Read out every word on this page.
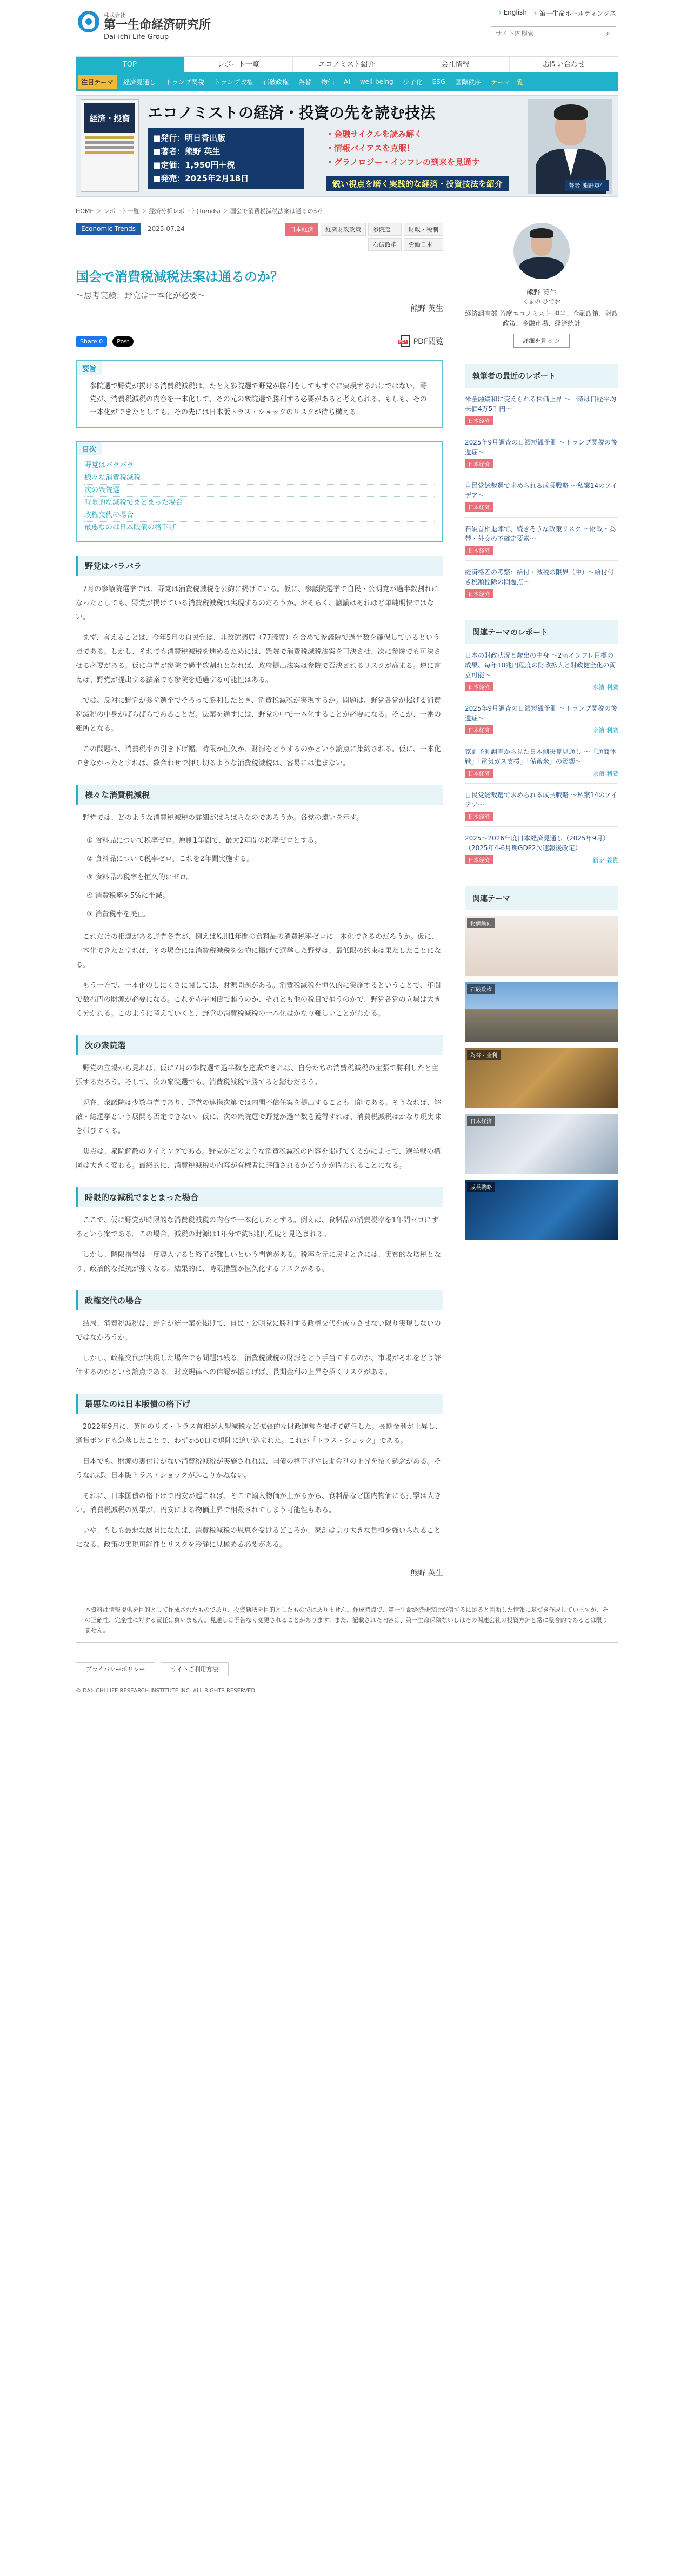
株式会社
第一生命経済研究所
Dai-ichi Life Group
› English	› 第一生命ホールディングス
サイト内検索
⌕
TOP	レポート一覧	エコノミスト紹介	会社情報	お問い合わせ
注目テーマ	経済見通し	トランプ関税	トランプ政権	石破政権	為替	物価	AI	well-being	少子化	ESG	国際秩序	テーマ一覧
経済・投資	エコノミストの経済・投資の先を読む技法
■発行：明日香出版
■著者：熊野 英生
■定価：1,950円＋税
■発売：2025年2月18日
・金融サイクルを読み解く
・情報バイアスを克服！
・グラノロジー・インフレの到来を見通す
鋭い視点を磨く実践的な経済・投資技法を紹介	著者 熊野英生
HOME ＞ レポート一覧 ＞ 経済分析レポート(Trends) ＞ 国会で消費税減税法案は通るのか？
Economic Trends	2025.07.24	日本経済	経済財政政策	参院選	財政・税制
石破政権	労働日本
国会で消費税減税法案は通るのか？
～思考実験：野党は一本化が必要～
熊野 英生
Share 0	Post PDF	PDF閲覧
要旨
参院選で野党が掲げる消費税減税は、たとえ参院選で野党が勝利をしてもすぐに実現するわけではない。野党が、消費税減税の内容を一本化して、その元の衆院選で勝利する必要があると考えられる。もしも、その一本化ができたとしても、その先には日本版トラス・ショックのリスクが待ち構える。
目次
野党はバラバラ
様々な消費税減税
次の衆院選
時限的な減税でまとまった場合
政権交代の場合
最悪なのは日本版債の格下げ
野党はバラバラ

7月の参議院選挙では、野党は消費税減税を公約に掲げている。仮に、参議院選挙で自民・公明党が過半数割れになったとしても、野党が掲げている消費税減税は実現するのだろうか。おそらく、議論はそれほど単純明快ではない。

まず、言えることは、今年5月の自民党は、非改選議席（77議席）を合めて参議院で過半数を確保しているという点である。しかし、それでも消費税減税を進めるためには、衆院で消費税減税法案を可決させ、次に参院でも可決させる必要がある。仮に与党が参院で過半数割れとなれば、政府提出法案は参院で否決されるリスクが高まる。逆に言えば、野党が提出する法案でも参院を通過する可能性はある。

では、反対に野党が参院選挙でそろって勝利したとき、消費税減税が実現するか。問題は、野党各党が掲げる消費税減税の中身がばらばらであることだ。法案を通すには、野党の中で一本化することが必要になる。そこが、一番の難所となる。

この問題は、消費税率の引き下げ幅、時限か恒久か、財源をどうするのかという論点に集約される。仮に、一本化できなかったとすれば、数合わせで押し切るような消費税減税は、容易には進まない。

様々な消費税減税

野党では、どのような消費税減税の詳細がばらばらなのであろうか。各党の違いを示す。

① 食料品について税率ゼロ。原則1年間で、最大2年間の税率ゼロとする。
② 食料品について税率ゼロ。これを2年間実施する。
③ 食料品の税率を恒久的にゼロ。
④ 消費税率を5%に半減。
⑤ 消費税率を廃止。

これだけの相違がある野党各党が、例えば原則1年間の食料品の消費税率ゼロに一本化できるのだろうか。仮に、一本化できたとすれば、その場合には消費税減税を公約に掲げて選挙した野党は、最低限の約束は果たしたことになる。

もう一方で、一本化のしにくさに関しては、財源問題がある。消費税減税を恒久的に実施するということで、年間で数兆円の財源が必要になる。これを赤字国債で賄うのか、それとも他の税目で補うのかで、野党各党の立場は大きく分かれる。このように考えていくと、野党の消費税減税の一本化はかなり難しいことがわかる。

次の衆院選

野党の立場から見れば、仮に7月の参院選で過半数を達成できれば、自分たちの消費税減税の主張で勝利したと主張するだろう。そして、次の衆院選でも、消費税減税で勝てると踏むだろう。

現在、衆議院は少数与党であり、野党の連携次第では内閣不信任案を提出することも可能である。そうなれば、解散・総選挙という展開も否定できない。仮に、次の衆院選で野党が過半数を獲得すれば、消費税減税はかなり現実味を帯びてくる。

焦点は、衆院解散のタイミングである。野党がどのような消費税減税の内容を掲げてくるかによって、選挙戦の構図は大きく変わる。最終的に、消費税減税の内容が有権者に評価されるかどうかが問われることになる。

時限的な減税でまとまった場合

ここで、仮に野党が時限的な消費税減税の内容で一本化したとする。例えば、食料品の消費税率を1年間ゼロにするという案である。この場合、減税の財源は1年分で約5兆円程度と見込まれる。

しかし、時限措置は一度導入すると終了が難しいという問題がある。税率を元に戻すときには、実質的な増税となり、政治的な抵抗が強くなる。結果的に、時限措置が恒久化するリスクがある。

政権交代の場合

結局、消費税減税は、野党が統一案を掲げて、自民・公明党に勝利する政権交代を成立させない限り実現しないのではなかろうか。

しかし、政権交代が実現した場合でも問題は残る。消費税減税の財源をどう手当てするのか、市場がそれをどう評価するのかという論点である。財政規律への信認が揺らげば、長期金利の上昇を招くリスクがある。

最悪なのは日本版債の格下げ

2022年9月に、英国のリズ・トラス首相が大型減税など拡張的な財政運営を掲げて就任した。長期金利が上昇し、通貨ポンドも急落したことで、わずか50日で退陣に追い込まれた。これが「トラス・ショック」である。

日本でも、財源の裏付けがない消費税減税が実施されれば、国債の格下げや長期金利の上昇を招く懸念がある。そうなれば、日本版トラス・ショックが起こりかねない。

それに、日本国債の格下げで円安が起これば、そこで輸入物価が上がるから、食料品など国内物価にも打撃は大きい。消費税減税の効果が、円安による物価上昇で相殺されてしまう可能性もある。

いや、もしも最悪な展開になれば、消費税減税の恩恵を受けるどころか、家計はより大きな負担を強いられることになる。政策の実現可能性とリスクを冷静に見極める必要がある。

熊野 英生
熊野 英生
くまの ひでお
経済調査部 首席エコノミスト 担当：金融政策、財政政策、金融市場、経済統計
詳細を見る ＞
執筆者の最近のレポート
米金融緩和に変えられる株価上昇 ～一時は日経平均株価4万5千円～
日本経済
2025年9月調査の日銀短観予測 ～トランプ関税の後遺症～
日本経済
自民党総裁選で求められる成長戦略 ～私案14のアイデア～
日本経済
石破首相退陣で、続きそうな政策リスク ～財政・為替・外交の不確定要素～
日本経済
経済格差の考察：給付・減税の限界（中）～給付付き税額控除の問題点～
日本経済
関連テーマのレポート
日本の財政状況と歳出の中身 ～2％インフレ目標の成果、毎年10兆円程度の財政拡大と財政健全化の両立可能～
日本経済	永濱 利廣
2025年9月調査の日銀短観予測 ～トランプ関税の後遺症～
日本経済	永濱 利廣
家計予測調査から見た日本側決算見通し ～「通商休戦」「電気ガス支援」「備蓄米」の影響～
日本経済	永濱 利廣
自民党総裁選で求められる成長戦略 ～私案14のアイデア～
日本経済
2025～2026年度日本経済見通し（2025年9月）（2025年4-6月期GDP2次速報後改定）
日本経済	新家 義貴
関連テーマ
物価動向
石破政権
為替・金利
日本経済
成長戦略
本資料は情報提供を目的として作成されたものであり、投資勧誘を目的としたものではありません。作成時点で、第一生命経済研究所が信ずるに足ると判断した情報に基づき作成していますが、その正確性、完全性に対する責任は負いません。見通しは予告なく変更されることがあります。また、記載された内容は、第一生命保険ないしはその関連会社の投資方針と常に整合的であるとは限りません。
プライバシーポリシー	サイトご利用方法
© DAI-ICHI LIFE RESEARCH INSTITUTE INC. ALL RIGHTS RESERVED.
